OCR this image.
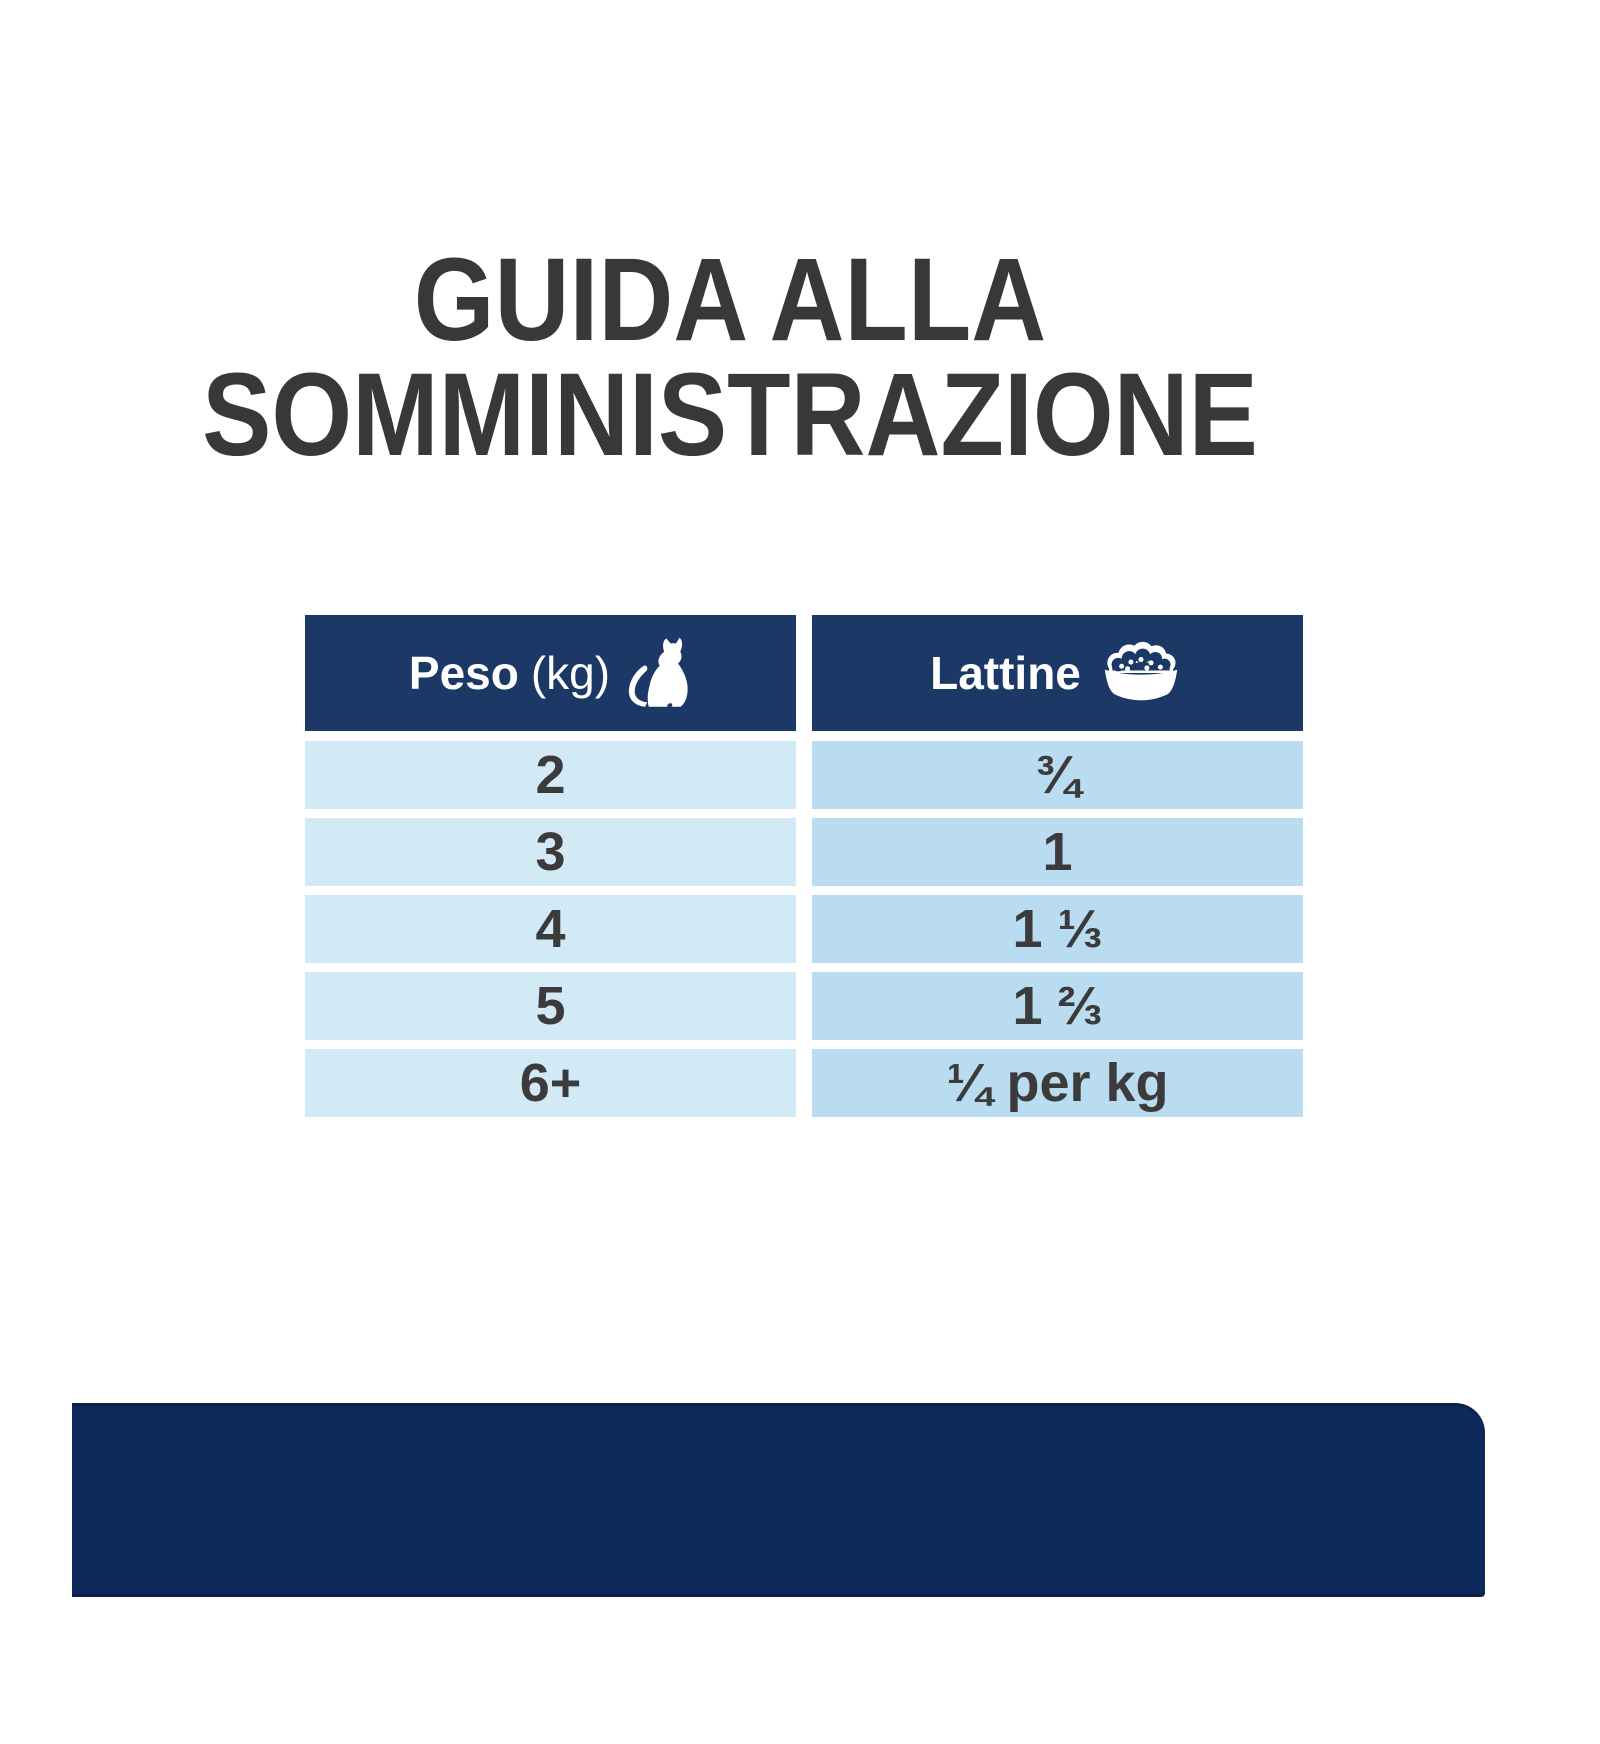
GUIDA ALLA
SOMMINISTRAZIONE
Peso (kg)	Lattine
2	¾
3	1
4	1 ⅓
5	1 ⅔
6+	¼ per kg
